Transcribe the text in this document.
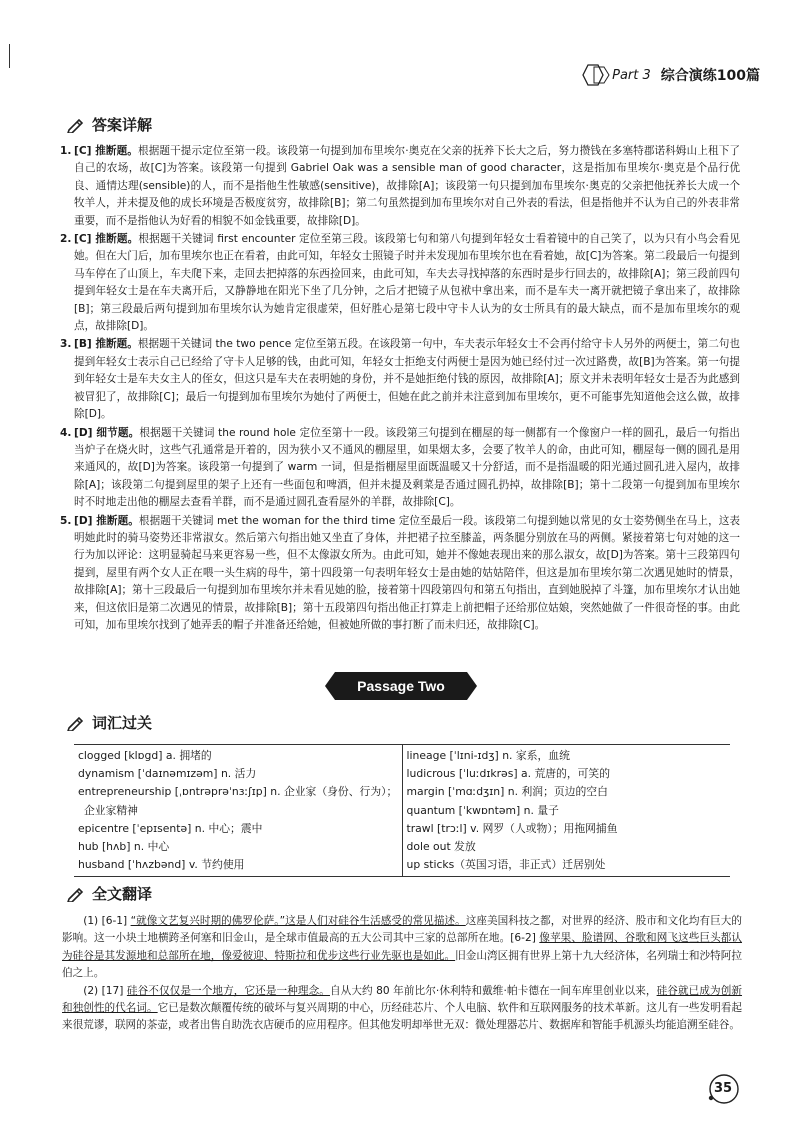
Part 3 综合演练100篇
答案详解
1. [C] 推断题。根据题干提示定位至第一段。该段第一句提到加布里埃尔·奥克在父亲的抚养下长大之后，努力攒钱在多塞特郡诺科姆山上租下了自己的农场，故[C]为答案。该段第一句提到 Gabriel Oak was a sensible man of good character，这是指加布里埃尔·奥克是个品行优良、通情达理(sensible)的人，而不是指他生性敏感(sensitive)，故排除[A]；该段第一句只提到加布里埃尔·奥克的父亲把他抚养长大成一个牧羊人，并未提及他的成长环境是否极度贫穷，故排除[B]；第二句虽然提到加布里埃尔对自己外表的看法，但是指他并不认为自己的外表非常重要，而不是指他认为好看的相貌不如金钱重要，故排除[D]。
2. [C] 推断题。根据题干关键词 first encounter 定位至第三段。该段第七句和第八句提到年轻女士看着镜中的自己笑了，以为只有小鸟会看见她。但在大门后，加布里埃尔也正在看着，由此可知，年轻女士照镜子时并未发现加布里埃尔也在看着她，故[C]为答案。第二段最后一句提到马车停在了山顶上，车夫爬下来，走回去把掉落的东西捡回来，由此可知，车夫去寻找掉落的东西时是步行回去的，故排除[A]；第三段前四句提到年轻女士是在车夫离开后，又静静地在阳光下坐了几分钟，之后才把镜子从包袱中拿出来，而不是车夫一离开就把镜子拿出来了，故排除[B]；第三段最后两句提到加布里埃尔认为她肯定很虚荣，但好胜心是第七段中守卡人认为的女士所具有的最大缺点，而不是加布里埃尔的观点，故排除[D]。
3. [B] 推断题。根据题干关键词 the two pence 定位至第五段。在该段第一句中，车夫表示年轻女士不会再付给守卡人另外的两便士，第二句也提到年轻女士表示自己已经给了守卡人足够的钱，由此可知，年轻女士拒绝支付两便士是因为她已经付过一次过路费，故[B]为答案。第一句提到年轻女士是车夫女主人的侄女，但这只是车夫在表明她的身份，并不是她拒绝付钱的原因，故排除[A]；原文并未表明年轻女士是否为此感到被冒犯了，故排除[C]；最后一句提到加布里埃尔为她付了两便士，但她在此之前并未注意到加布里埃尔，更不可能事先知道他会这么做，故排除[D]。
4. [D] 细节题。根据题干关键词 the round hole 定位至第十一段。该段第三句提到在棚屋的每一侧都有一个像窗户一样的圆孔，最后一句指出当炉子在烧火时，这些气孔通常是开着的，因为狭小又不通风的棚屋里，如果烟太多，会要了牧羊人的命，由此可知，棚屋每一侧的圆孔是用来通风的，故[D]为答案。该段第一句提到了 warm 一词，但是指棚屋里面既温暖又十分舒适，而不是指温暖的阳光通过圆孔进入屋内，故排除[A]；该段第二句提到屋里的架子上还有一些面包和啤酒，但并未提及剩菜是否通过圆孔扔掉，故排除[B]；第十二段第一句提到加布里埃尔时不时地走出他的棚屋去查看羊群，而不是通过圆孔查看屋外的羊群，故排除[C]。
5. [D] 推断题。根据题干关键词 met the woman for the third time 定位至最后一段。该段第二句提到她以常见的女士姿势侧坐在马上，这表明她此时的骑马姿势还非常淑女。然后第六句指出她又坐直了身体，并把裙子拉至膝盖，两条腿分别放在马的两侧。紧接着第七句对她的这一行为加以评论：这明显骑起马来更容易一些，但不太像淑女所为。由此可知，她并不像她表现出来的那么淑女，故[D]为答案。第十三段第四句提到，屋里有两个女人正在喂一头生病的母牛，第十四段第一句表明年轻女士是由她的姑姑陪伴，但这是加布里埃尔第二次遇见她时的情景，故排除[A]；第十三段最后一句提到加布里埃尔并未看见她的脸，接着第十四段第四句和第五句指出，直到她脱掉了斗篷，加布里埃尔才认出她来，但这依旧是第二次遇见的情景，故排除[B]；第十五段第四句指出他正打算走上前把帽子还给那位姑娘，突然她做了一件很奇怪的事。由此可知，加布里埃尔找到了她弄丢的帽子并准备还给她，但被她所做的事打断了而未归还，故排除[C]。
Passage Two
词汇过关
clogged [klɒgd] a. 拥堵的
dynamism [ˈdaɪnəmɪzəm] n. 活力
entrepreneurship [ˌɒntrəprəˈnɜːʃɪp] n. 企业家（身份、行为）；
企业家精神
epicentre [ˈepɪsentə] n. 中心；震中
hub [hʌb] n. 中心
husband [ˈhʌzbənd] v. 节约使用
lineage [ˈlɪni-ɪdʒ] n. 家系，血统
ludicrous [ˈluːdɪkrəs] a. 荒唐的，可笑的
margin [ˈmɑːdʒɪn] n. 利润；页边的空白
quantum [ˈkwɒntəm] n. 量子
trawl [trɔːl] v. 网罗（人或物）；用拖网捕鱼
dole out 发放
up sticks（英国习语，非正式）迁居别处
全文翻译

(1) [6-1] “就像文艺复兴时期的佛罗伦萨。”这是人们对硅谷生活感受的常见描述。这座美国科技之都，对世界的经济、股市和文化均有巨大的影响。这一小块土地横跨圣何塞和旧金山，是全球市值最高的五大公司其中三家的总部所在地。[6-2] 像苹果、脸谱网、谷歌和网飞这些巨头都认为硅谷是其发源地和总部所在地，像爱彼迎、特斯拉和优步这些行业先驱也是如此。旧金山湾区拥有世界上第十九大经济体，名列瑞士和沙特阿拉伯之上。

(2) [17] 硅谷不仅仅是一个地方，它还是一种理念。自从大约 80 年前比尔·休利特和戴维·帕卡德在一间车库里创业以来，硅谷就已成为创新和独创性的代名词。它已是数次颠覆传统的破坏与复兴周期的中心，历经硅芯片、个人电脑、软件和互联网服务的技术革新。这儿有一些发明看起来很荒谬，联网的茶壶，或者出售自助洗衣店硬币的应用程序。但其他发明却举世无双：微处理器芯片、数据库和智能手机源头均能追溯至硅谷。

35
